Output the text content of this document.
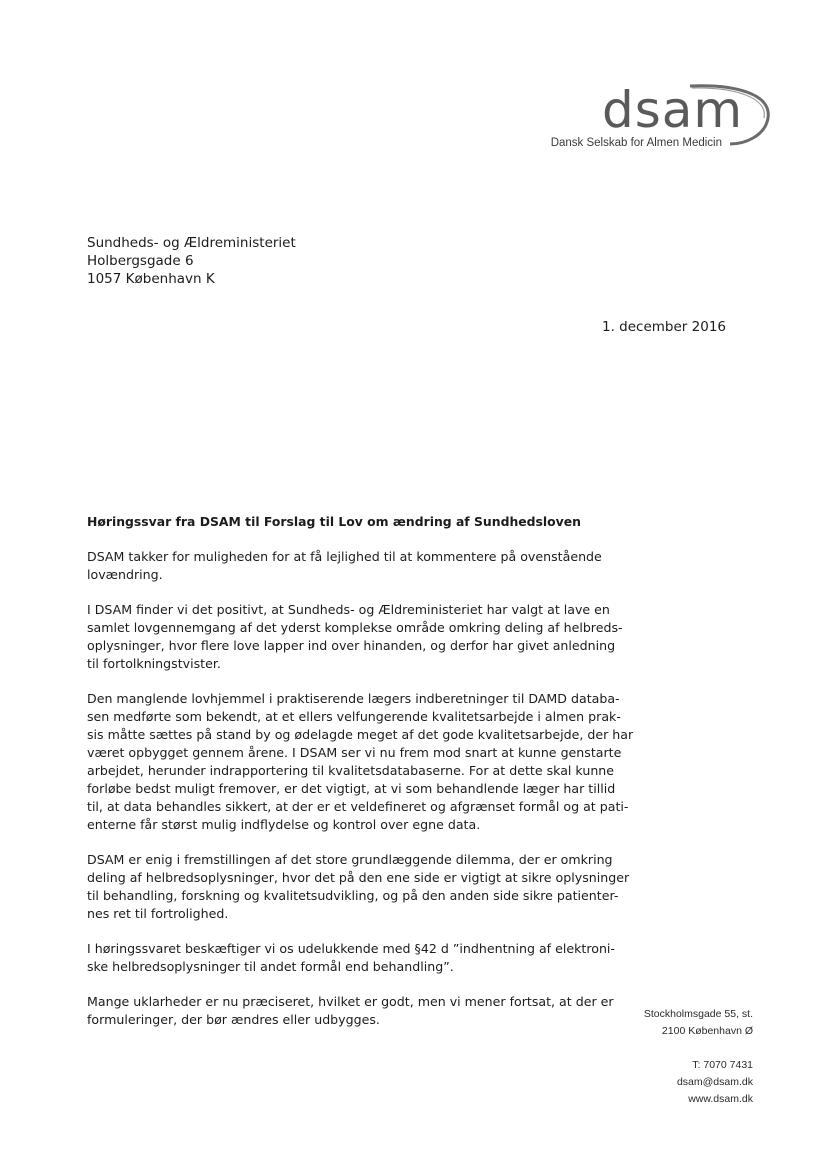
dsam
Dansk Selskab for Almen Medicin
Sundheds- og Ældreministeriet
Holbergsgade 6
1057 København K
1. december 2016
Høringssvar fra DSAM til Forslag til Lov om ændring af Sundhedsloven
DSAM takker for muligheden for at få lejlighed til at kommentere på ovenstående
lovændring.
I DSAM finder vi det positivt, at Sundheds- og Ældreministeriet har valgt at lave en
samlet lovgennemgang af det yderst komplekse område omkring deling af helbreds-
oplysninger, hvor flere love lapper ind over hinanden, og derfor har givet anledning
til fortolkningstvister.
Den manglende lovhjemmel i praktiserende lægers indberetninger til DAMD databa-
sen medførte som bekendt, at et ellers velfungerende kvalitetsarbejde i almen prak-
sis måtte sættes på stand by og ødelagde meget af det gode kvalitetsarbejde, der har
været opbygget gennem årene. I DSAM ser vi nu frem mod snart at kunne genstarte
arbejdet, herunder indrapportering til kvalitetsdatabaserne. For at dette skal kunne
forløbe bedst muligt fremover, er det vigtigt, at vi som behandlende læger har tillid
til, at data behandles sikkert, at der er et veldefineret og afgrænset formål og at pati-
enterne får størst mulig indflydelse og kontrol over egne data.
DSAM er enig i fremstillingen af det store grundlæggende dilemma, der er omkring
deling af helbredsoplysninger, hvor det på den ene side er vigtigt at sikre oplysninger
til behandling, forskning og kvalitetsudvikling, og på den anden side sikre patienter-
nes ret til fortrolighed.
I høringssvaret beskæftiger vi os udelukkende med §42 d ”indhentning af elektroni-
ske helbredsoplysninger til andet formål end behandling”.
Mange uklarheder er nu præciseret, hvilket er godt, men vi mener fortsat, at der er
formuleringer, der bør ændres eller udbygges.	Stockholmsgade 55, st.
2100 København Ø
T: 7070 7431
dsam@dsam.dk
www.dsam.dk
